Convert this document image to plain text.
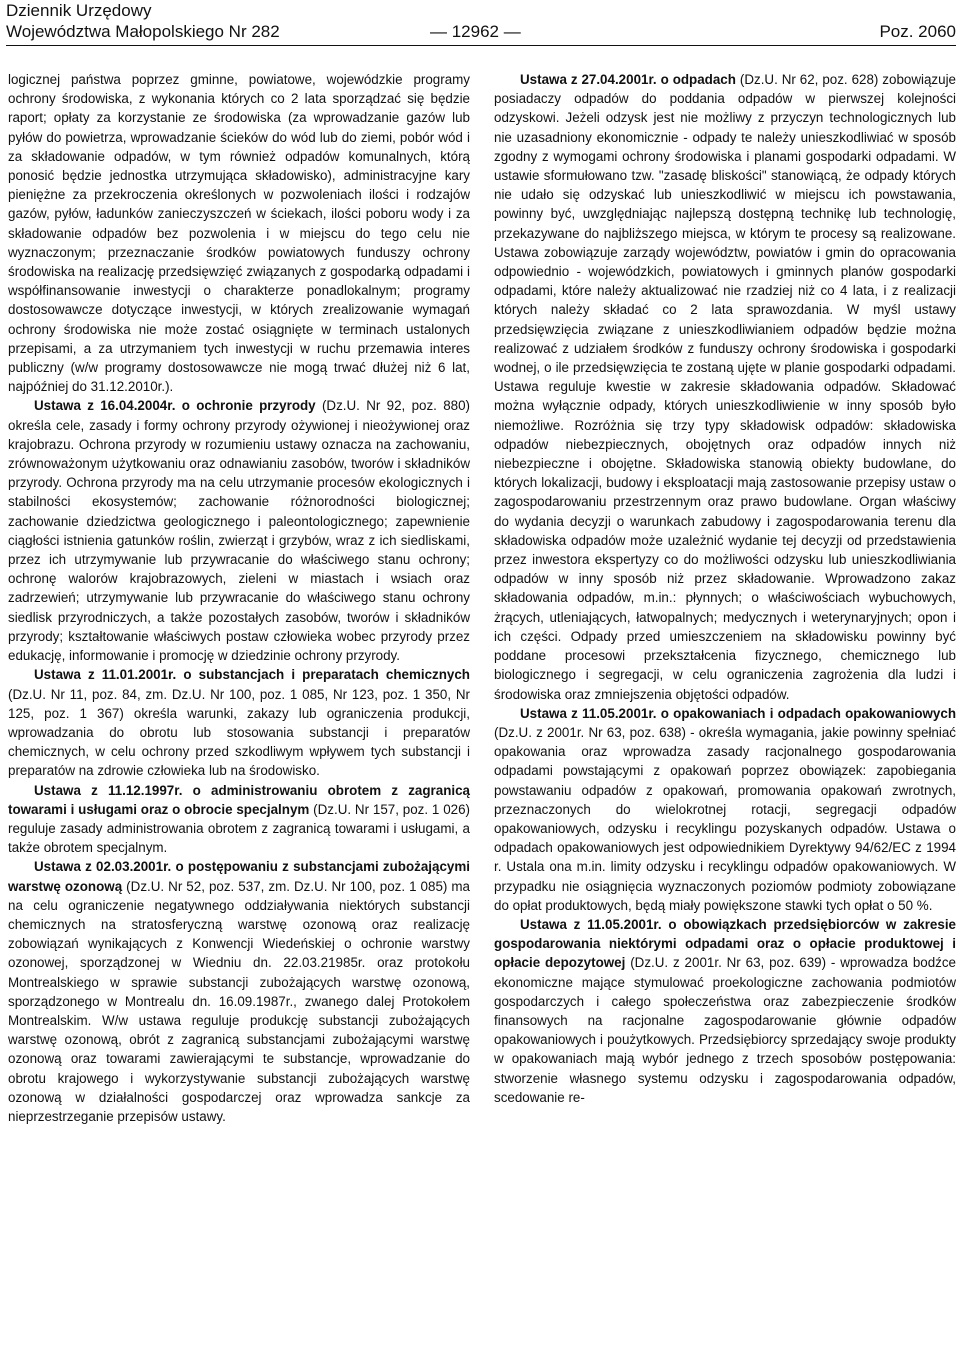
Dziennik Urzędowy
Województwa Małopolskiego Nr 282	— 12962 —	Poz. 2060

logicznej państwa poprzez gminne, powiatowe, wojewódzkie programy ochrony środowiska, z wykonania których co 2 lata sporządzać się będzie raport; opłaty za korzystanie ze środowiska (za wprowadzanie gazów lub pyłów do powietrza, wprowadzanie ścieków do wód lub do ziemi, pobór wód i za składowanie odpadów, w tym również odpadów komunalnych, którą ponosić będzie jednostka utrzymująca składowisko), administracyjne kary pieniężne za przekroczenia określonych w pozwoleniach ilości i rodzajów gazów, pyłów, ładunków zanieczyszczeń w ściekach, ilości poboru wody i za składowanie odpadów bez pozwolenia i w miejscu do tego celu nie wyznaczonym; przeznaczanie środków powiatowych funduszy ochrony środowiska na realizację przedsięwzięć związanych z gospodarką odpadami i współfinansowanie inwestycji o charakterze ponadlokalnym; programy dostosowawcze dotyczące inwestycji, w których zrealizowanie wymagań ochrony środowiska nie może zostać osiągnięte w terminach ustalonych przepisami, a za utrzymaniem tych inwestycji w ruchu przemawia interes publiczny (w/w programy dostosowawcze nie mogą trwać dłużej niż 6 lat, najpóźniej do 31.12.2010r.).

Ustawa z 16.04.2004r. o ochronie przyrody (Dz.U. Nr 92, poz. 880) określa cele, zasady i formy ochrony przyrody ożywionej i nieożywionej oraz krajobrazu. Ochrona przyrody w rozumieniu ustawy oznacza na zachowaniu, zrównoważonym użytkowaniu oraz odnawianiu zasobów, tworów i składników przyrody. Ochrona przyrody ma na celu utrzymanie procesów ekologicznych i stabilności ekosystemów; zachowanie różnorodności biologicznej; zachowanie dziedzictwa geologicznego i paleontologicznego; zapewnienie ciągłości istnienia gatunków roślin, zwierząt i grzybów, wraz z ich siedliskami, przez ich utrzymywanie lub przywracanie do właściwego stanu ochrony; ochronę walorów krajobrazowych, zieleni w miastach i wsiach oraz zadrzewień; utrzymywanie lub przywracanie do właściwego stanu ochrony siedlisk przyrodniczych, a także pozostałych zasobów, tworów i składników przyrody; kształtowanie właściwych postaw człowieka wobec przyrody przez edukację, informowanie i promocję w dziedzinie ochrony przyrody.

Ustawa z 11.01.2001r. o substancjach i preparatach chemicznych (Dz.U. Nr 11, poz. 84, zm. Dz.U. Nr 100, poz. 1 085, Nr 123, poz. 1 350, Nr 125, poz. 1 367) określa warunki, zakazy lub ograniczenia produkcji, wprowadzania do obrotu lub stosowania substancji i preparatów chemicznych, w celu ochrony przed szkodliwym wpływem tych substancji i preparatów na zdrowie człowieka lub na środowisko.

Ustawa z 11.12.1997r. o administrowaniu obrotem z zagranicą towarami i usługami oraz o obrocie specjalnym (Dz.U. Nr 157, poz. 1 026) reguluje zasady administrowania obrotem z zagranicą towarami i usługami, a także obrotem specjalnym.

Ustawa z 02.03.2001r. o postępowaniu z substancjami zubożającymi warstwę ozonową (Dz.U. Nr 52, poz. 537, zm. Dz.U. Nr 100, poz. 1 085) ma na celu ograniczenie negatywnego oddziaływania niektórych substancji chemicznych na stratosferyczną warstwę ozonową oraz realizację zobowiązań wynikających z Konwencji Wiedeńskiej o ochronie warstwy ozonowej, sporządzonej w Wiedniu dn. 22.03.21985r. oraz protokołu Montrealskiego w sprawie substancji zubożających warstwę ozonową, sporządzonego w Montrealu dn. 16.09.1987r., zwanego dalej Protokołem Montrealskim. W/w ustawa reguluje produkcję substancji zubożających warstwę ozonową, obrót z zagranicą substancjami zubożającymi warstwę ozonową oraz towarami zawierającymi te substancje, wprowadzanie do obrotu krajowego i wykorzystywanie substancji zubożających warstwę ozonową w działalności gospodarczej oraz wprowadza sankcje za nieprzestrzeganie przepisów ustawy.

Ustawa z 27.04.2001r. o odpadach (Dz.U. Nr 62, poz. 628) zobowiązuje posiadaczy odpadów do poddania odpadów w pierwszej kolejności odzyskowi. Jeżeli odzysk jest nie możliwy z przyczyn technologicznych lub nie uzasadniony ekonomicznie - odpady te należy unieszkodliwiać w sposób zgodny z wymogami ochrony środowiska i planami gospodarki odpadami. W ustawie sformułowano tzw. "zasadę bliskości" stanowiącą, że odpady których nie udało się odzyskać lub unieszkodliwić w miejscu ich powstawania, powinny być, uwzględniając najlepszą dostępną technikę lub technologię, przekazywane do najbliższego miejsca, w którym te procesy są realizowane. Ustawa zobowiązuje zarządy województw, powiatów i gmin do opracowania odpowiednio - wojewódzkich, powiatowych i gminnych planów gospodarki odpadami, które należy aktualizować nie rzadziej niż co 4 lata, i z realizacji których należy składać co 2 lata sprawozdania. W myśl ustawy przedsięwzięcia związane z unieszkodliwianiem odpadów będzie można realizować z udziałem środków z funduszy ochrony środowiska i gospodarki wodnej, o ile przedsięwzięcia te zostaną ujęte w planie gospodarki odpadami. Ustawa reguluje kwestie w zakresie składowania odpadów. Składować można wyłącznie odpady, których unieszkodliwienie w inny sposób było niemożliwe. Rozróżnia się trzy typy składowisk odpadów: składowiska odpadów niebezpiecznych, obojętnych oraz odpadów innych niż niebezpieczne i obojętne. Składowiska stanowią obiekty budowlane, do których lokalizacji, budowy i eksploatacji mają zastosowanie przepisy ustaw o zagospodarowaniu przestrzennym oraz prawo budowlane. Organ właściwy do wydania decyzji o warunkach zabudowy i zagospodarowania terenu dla składowiska odpadów może uzależnić wydanie tej decyzji od przedstawienia przez inwestora ekspertyzy co do możliwości odzysku lub unieszkodliwiania odpadów w inny sposób niż przez składowanie. Wprowadzono zakaz składowania odpadów, m.in.: płynnych; o właściwościach wybuchowych, żrących, utleniających, łatwopalnych; medycznych i weterynaryjnych; opon i ich części. Odpady przed umieszczeniem na składowisku powinny być poddane procesowi przekształcenia fizycznego, chemicznego lub biologicznego i segregacji, w celu ograniczenia zagrożenia dla ludzi i środowiska oraz zmniejszenia objętości odpadów.

Ustawa z 11.05.2001r. o opakowaniach i odpadach opakowaniowych (Dz.U. z 2001r. Nr 63, poz. 638) - określa wymagania, jakie powinny spełniać opakowania oraz wprowadza zasady racjonalnego gospodarowania odpadami powstającymi z opakowań poprzez obowiązek: zapobiegania powstawaniu odpadów z opakowań, promowania opakowań zwrotnych, przeznaczonych do wielokrotnej rotacji, segregacji odpadów opakowaniowych, odzysku i recyklingu pozyskanych odpadów. Ustawa o odpadach opakowaniowych jest odpowiednikiem Dyrektywy 94/62/EC z 1994 r. Ustala ona m.in. limity odzysku i recyklingu odpadów opakowaniowych. W przypadku nie osiągnięcia wyznaczonych poziomów podmioty zobowiązane do opłat produktowych, będą miały powiększone stawki tych opłat o 50 %.

Ustawa z 11.05.2001r. o obowiązkach przedsiębiorców w zakresie gospodarowania niektórymi odpadami oraz o opłacie produktowej i opłacie depozytowej (Dz.U. z 2001r. Nr 63, poz. 639) - wprowadza bodźce ekonomiczne mające stymulować proekologiczne zachowania podmiotów gospodarczych i całego społeczeństwa oraz zabezpieczenie środków finansowych na racjonalne zagospodarowanie głównie odpadów opakowaniowych i poużytkowych. Przedsiębiorcy sprzedający swoje produkty w opakowaniach mają wybór jednego z trzech sposobów postępowania: stworzenie własnego systemu odzysku i zagospodarowania odpadów, scedowanie re-
